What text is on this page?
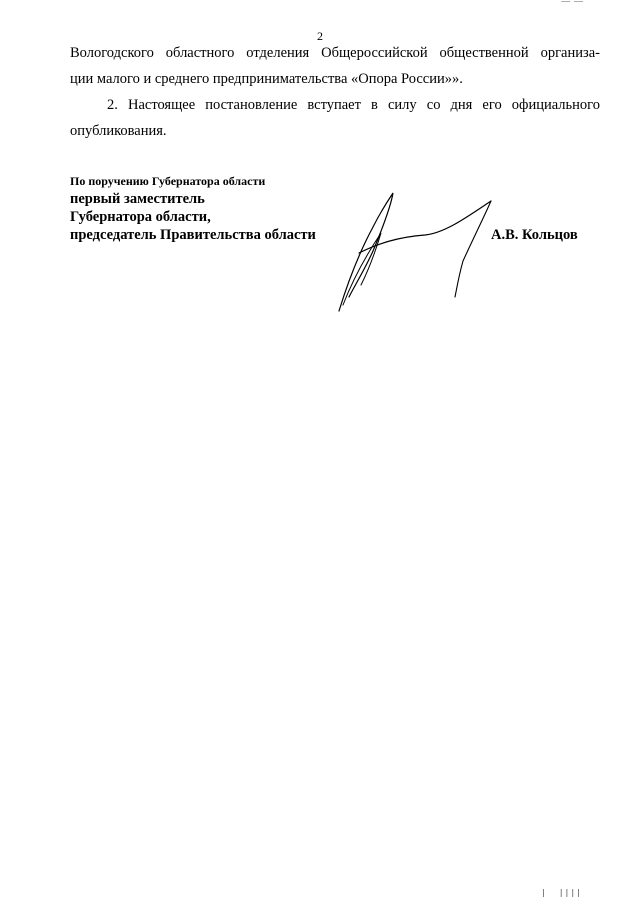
— —
2

Вологодского областного отделения Общероссийской общественной организа-
ции малого и среднего предпринимательства «Опора России»».

2. Настоящее постановление вступает в силу со дня его официального
опубликования.

По поручению Губернатора области
первый заместитель
Губернатора области,
председатель Правительства области	А.В. Кольцов
|  ||||
